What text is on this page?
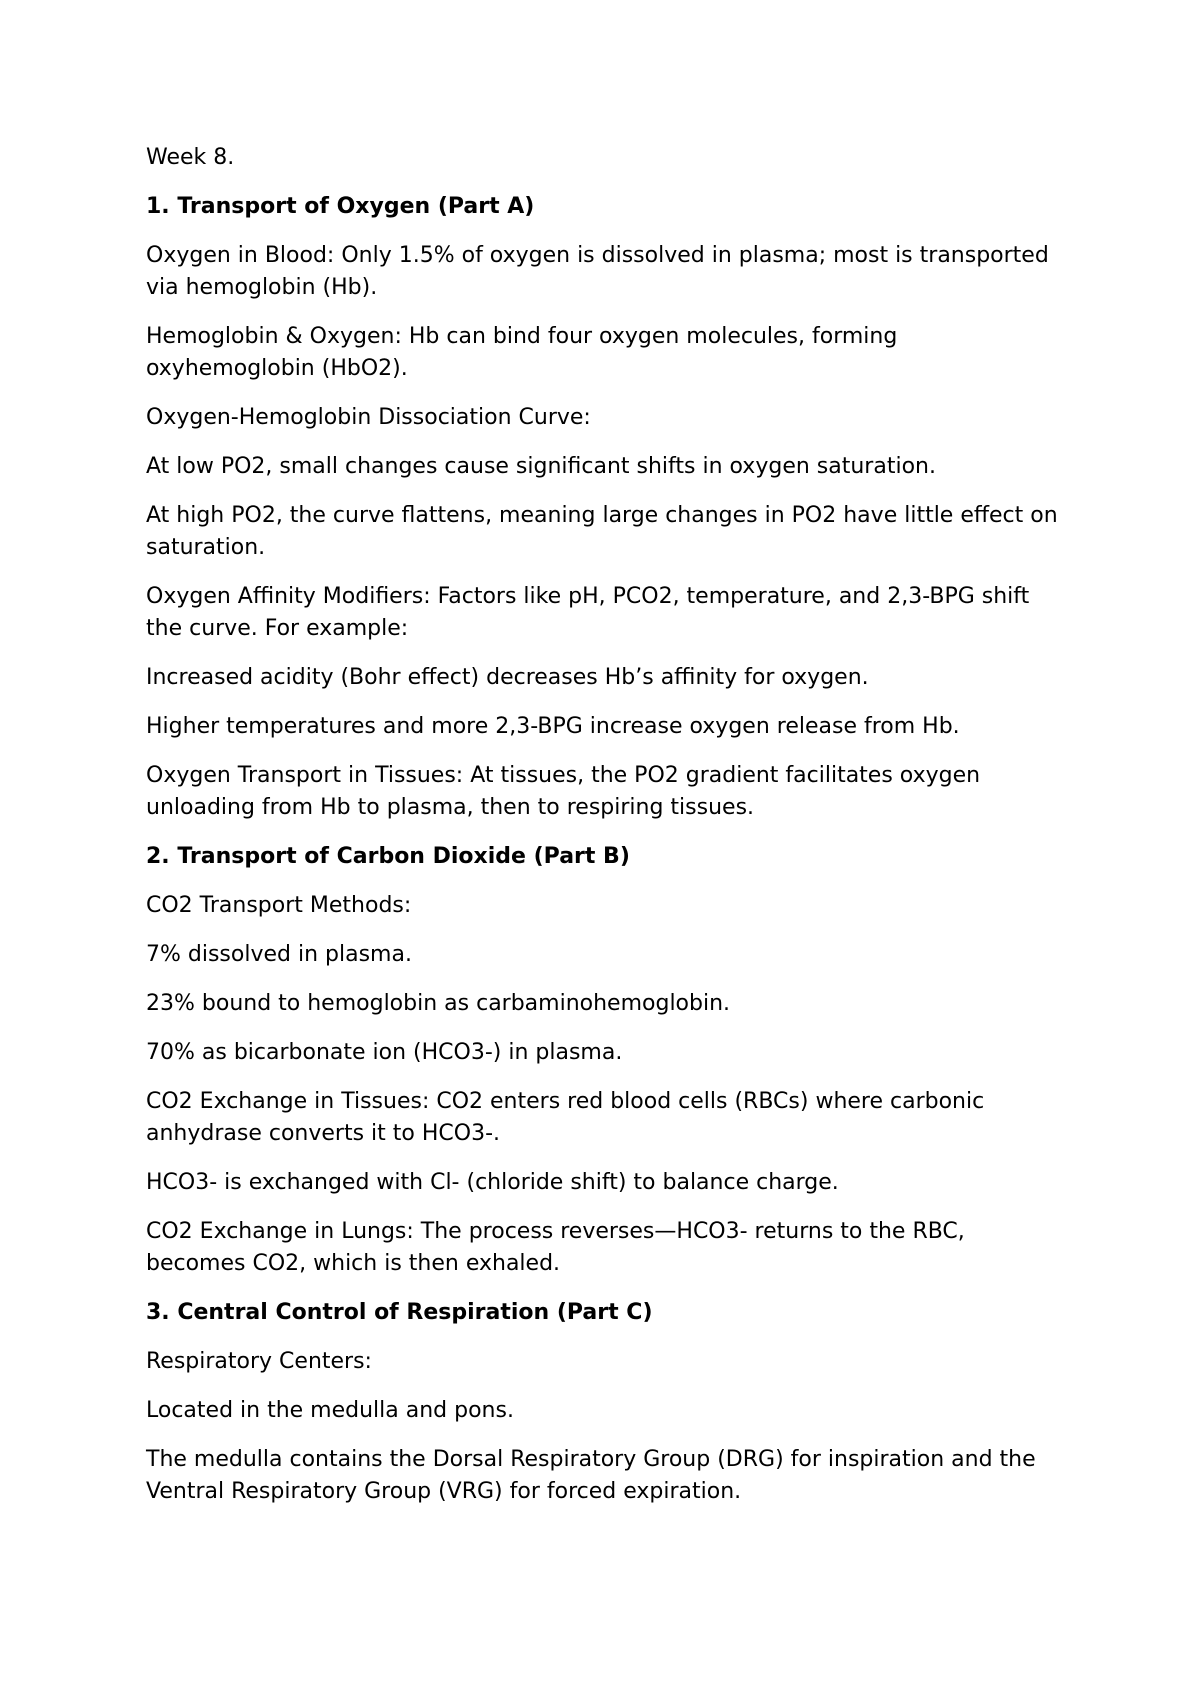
Week 8.

1. Transport of Oxygen (Part A)

Oxygen in Blood: Only 1.5% of oxygen is dissolved in plasma; most is transported via hemoglobin (Hb).

Hemoglobin & Oxygen: Hb can bind four oxygen molecules, forming oxyhemoglobin (HbO2).

Oxygen-Hemoglobin Dissociation Curve:

At low PO2, small changes cause significant shifts in oxygen saturation.

At high PO2, the curve flattens, meaning large changes in PO2 have little effect on saturation.

Oxygen Affinity Modifiers: Factors like pH, PCO2, temperature, and 2,3-BPG shift the curve. For example:

Increased acidity (Bohr effect) decreases Hb’s affinity for oxygen.

Higher temperatures and more 2,3-BPG increase oxygen release from Hb.

Oxygen Transport in Tissues: At tissues, the PO2 gradient facilitates oxygen unloading from Hb to plasma, then to respiring tissues.

2. Transport of Carbon Dioxide (Part B)

CO2 Transport Methods:

7% dissolved in plasma.

23% bound to hemoglobin as carbaminohemoglobin.

70% as bicarbonate ion (HCO3-) in plasma.

CO2 Exchange in Tissues: CO2 enters red blood cells (RBCs) where carbonic anhydrase converts it to HCO3-.

HCO3- is exchanged with Cl- (chloride shift) to balance charge.

CO2 Exchange in Lungs: The process reverses—HCO3- returns to the RBC, becomes CO2, which is then exhaled.

3. Central Control of Respiration (Part C)

Respiratory Centers:

Located in the medulla and pons.

The medulla contains the Dorsal Respiratory Group (DRG) for inspiration and the Ventral Respiratory Group (VRG) for forced expiration.
